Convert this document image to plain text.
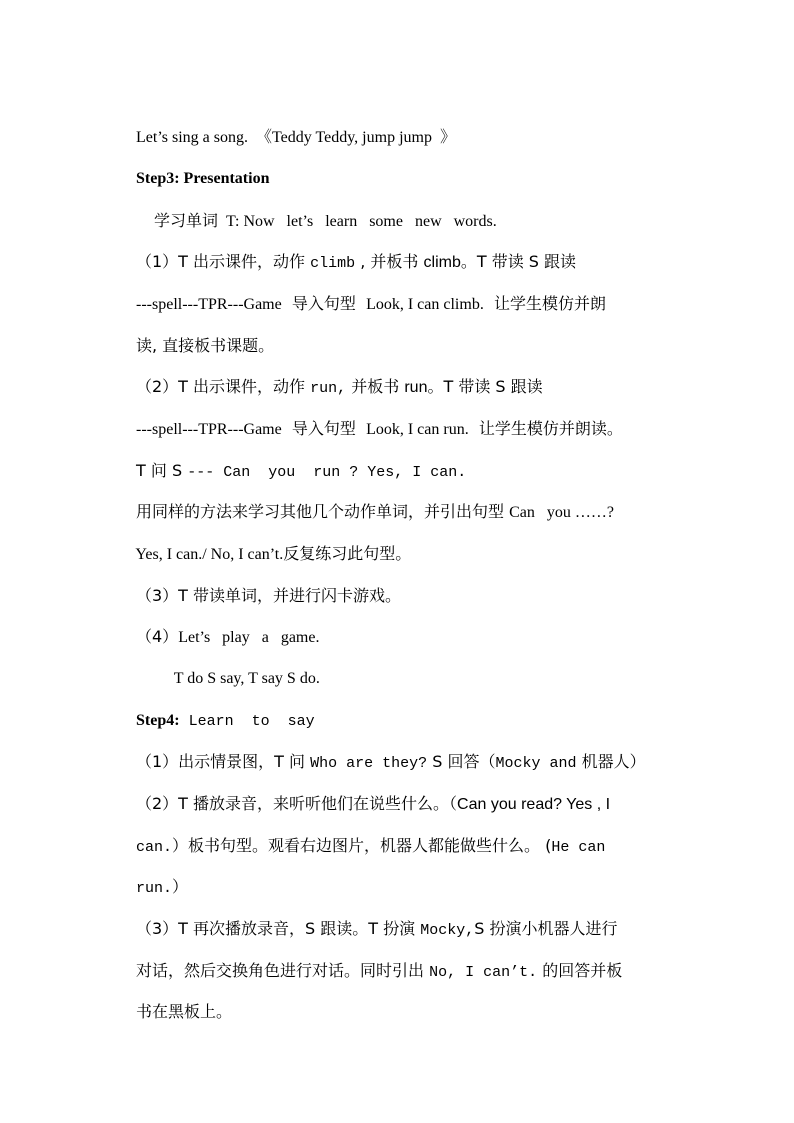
Let’s sing a song.  《Teddy Teddy, jump jump  》

Step3: Presentation

学习单词  T: Now   let’s   learn   some   new   words.

（1）T 出示课件，动作 climb , 并板书 climb。T 带读 S 跟读

---spell---TPR---Game  导入句型  Look, I can climb.  让学生模仿并朗

读, 直接板书课题。

（2）T 出示课件，动作 run, 并板书 run。T 带读 S 跟读

---spell---TPR---Game  导入句型  Look, I can run.  让学生模仿并朗读。

T 问 S --- Can  you  run ? Yes, I can.

用同样的方法来学习其他几个动作单词，并引出句型 Can   you ……?

Yes, I can./ No, I can’t.反复练习此句型。

（3）T 带读单词，并进行闪卡游戏。

（4）Let’s   play   a   game.

T do S say, T say S do.

Step4: Learn  to  say

（1）出示情景图，T 问 Who are they? S 回答（Mocky and 机器人）

（2）T 播放录音，来听听他们在说些什么。（Can you read? Yes , I

can.）板书句型。观看右边图片，机器人都能做些什么。 (He can

run.）

（3）T 再次播放录音，S 跟读。T 扮演 Mocky,S 扮演小机器人进行

对话，然后交换角色进行对话。同时引出 No, I can’t. 的回答并板

书在黑板上。
